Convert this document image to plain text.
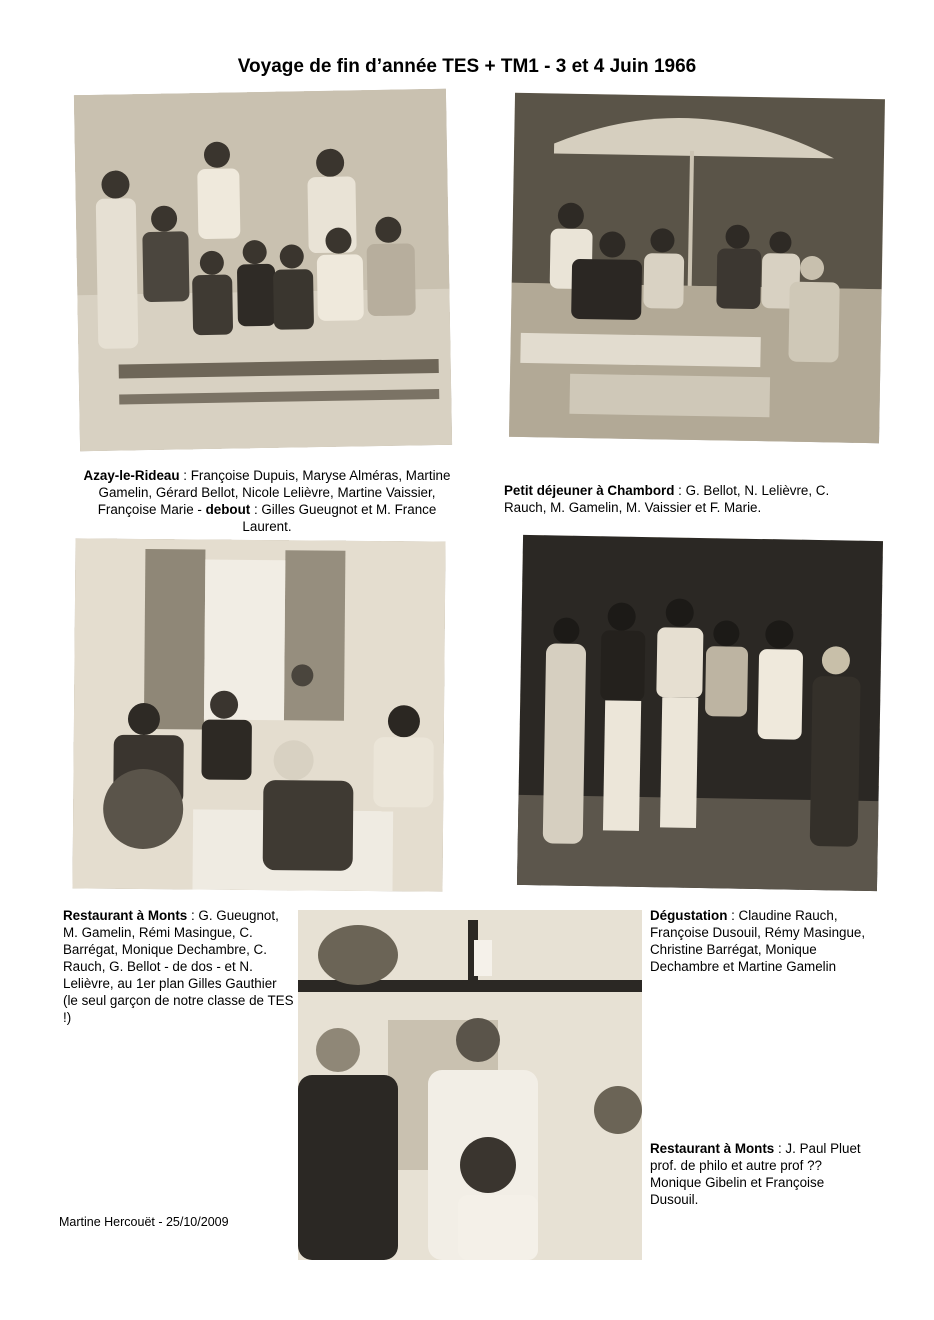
Voyage de fin d’année TES + TM1 - 3 et 4 Juin 1966
Azay-le-Rideau : Françoise Dupuis, Maryse Alméras, Martine Gamelin, Gérard Bellot, Nicole Lelièvre, Martine Vaissier, Françoise Marie - debout : Gilles Gueugnot et M. France Laurent.
Petit déjeuner à Chambord : G. Bellot, N. Lelièvre, C. Rauch, M. Gamelin, M. Vaissier et F. Marie.
Restaurant à Monts : G. Gueugnot, M. Gamelin, Rémi Masingue, C. Barrégat, Monique Dechambre, C. Rauch, G. Bellot - de dos - et N. Lelièvre, au 1er plan Gilles Gauthier (le seul garçon de notre classe de TES !)
Dégustation : Claudine Rauch, Françoise Dusouil, Rémy Masingue, Christine Barrégat, Monique Dechambre et Martine Gamelin
Restaurant à Monts : J. Paul Pluet prof. de philo et autre prof ?? Monique Gibelin et Françoise Dusouil.
Martine Hercouët - 25/10/2009
